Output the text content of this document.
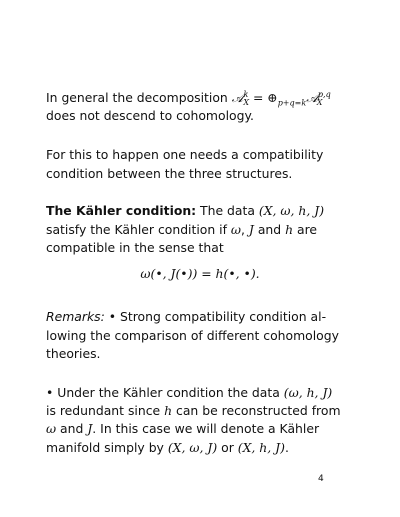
In general the decomposition 𝒜$^k_X$ = $\oplus_{p+q=k}𝒜^{p,q}_X$
does not descend to cohomology.
For this to happen one needs a compatibility
condition between the three structures.
The Kähler condition: The data (X, ω, h, J)
satisfy the Kähler condition if ω, J and h are
compatible in the sense that
ω(•, J(•)) = h(•, •).
Remarks: • Strong compatibility condition al-
lowing the comparison of different cohomology
theories.
• Under the Kähler condition the data (ω, h, J)
is redundant since h can be reconstructed from
ω and J. In this case we will denote a Kähler
manifold simply by (X, ω, J) or (X, h, J).
4
